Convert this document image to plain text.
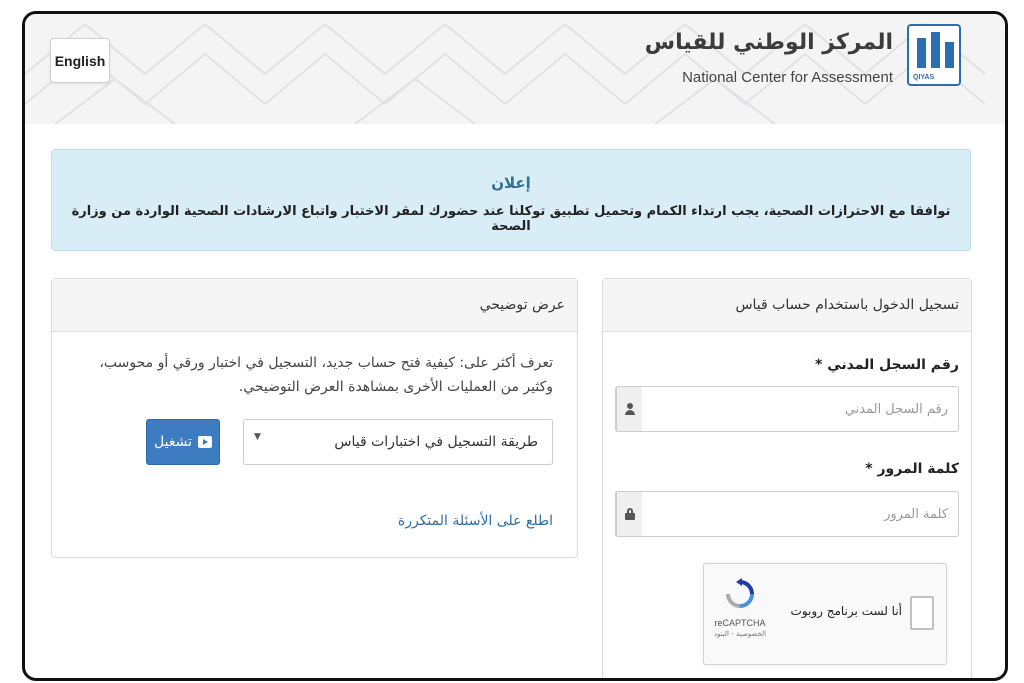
English
المركز الوطني للقياس
National Center for Assessment	QIYAS
إعلان
توافقا مع الاحترازات الصحية، يجب ارتداء الكمام وتحميل تطبيق توكلنا عند حضورك لمقر الاختبار واتباع الارشادات الصحية الواردة من وزارة الصحة
عرض توضيحي
تعرف أكثر على: كيفية فتح حساب جديد، التسجيل في اختبار ورقي أو محوسب، وكثير من العمليات الأخرى بمشاهدة العرض التوضيحي.
طريقة التسجيل في اختبارات قياس
▼
تشغيل
اطلع على الأسئلة المتكررة
تسجيل الدخول باستخدام حساب قياس
رقم السجل المدني *
رقم السجل المدني
كلمة المرور *
أنا لست برنامج روبوت
reCAPTCHA
الخصوصية - البنود
